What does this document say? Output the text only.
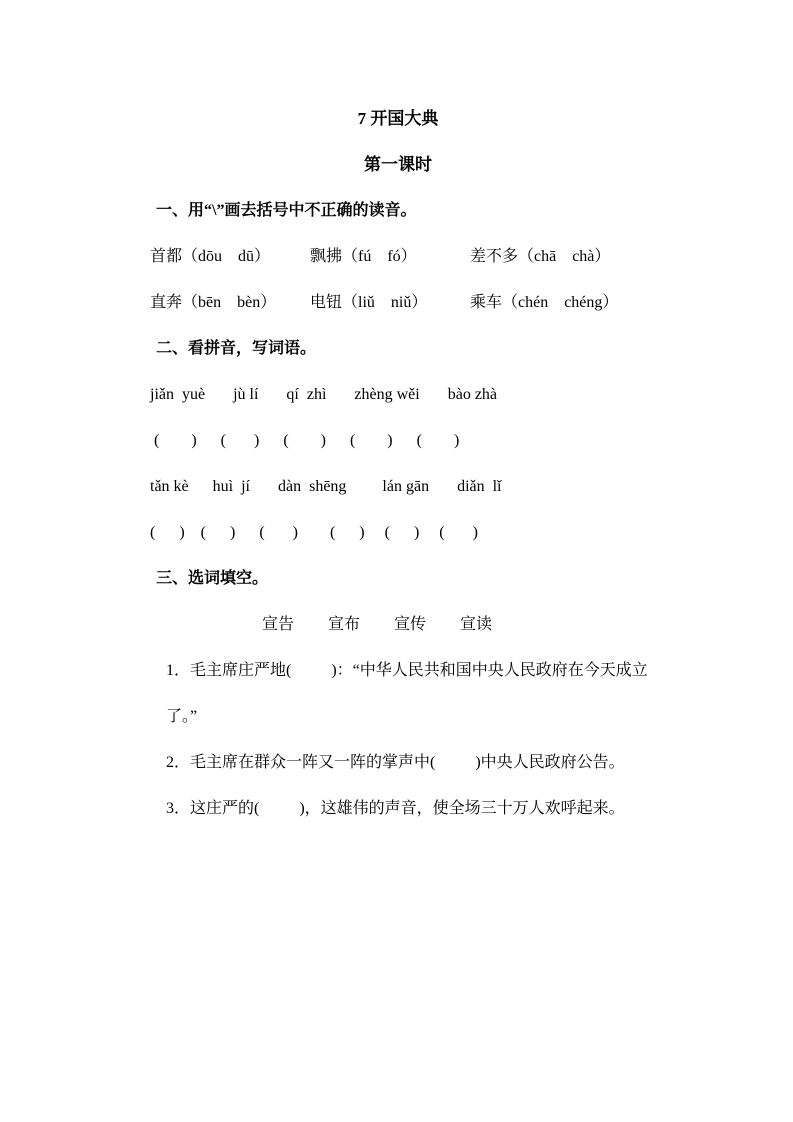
7 开国大典
第一课时
一、用“\”画去括号中不正确的读音。
首都（dōu    dū）	飘拂（fú    fó）	差不多（chā    chà）
直奔（bēn    bèn）	电钮（liǔ    niǔ）	乘车（chén    chéng）
二、看拼音，写词语。
jiǎn  yuè       jù lí       qí  zhì       zhèng wěi       bào zhà
(        )      (       )      (        )      (        )      (        )
tǎn kè      huì  jí       dàn  shēng         lán gān       diǎn  lǐ
(      )    (      )      (       )        (      )     (      )     (       )
三、选词填空。
宣告 宣布 宣传 宣读

1．毛主席庄严地(          )：“中华人民共和国中央人民政府在今天成立了。”

2．毛主席在群众一阵又一阵的掌声中(          )中央人民政府公告。

3．这庄严的(          )，这雄伟的声音，使全场三十万人欢呼起来。
